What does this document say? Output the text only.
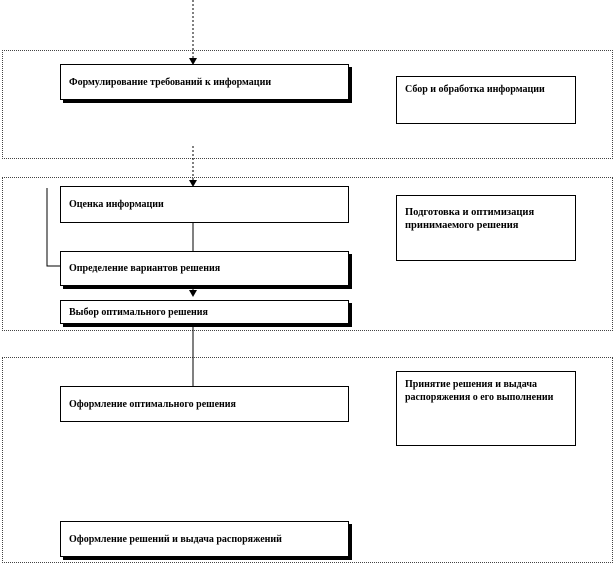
Формулирование требований к информации
Сбор и обработка информации
Оценка информации
Определение вариантов решения
Выбор оптимального решения
Подготовка и оптимизация принимаемого решения
Оформление оптимального решения
Принятие решения и выдача распоряжения о его выполнении
Оформление решений и выдача распоряжений
